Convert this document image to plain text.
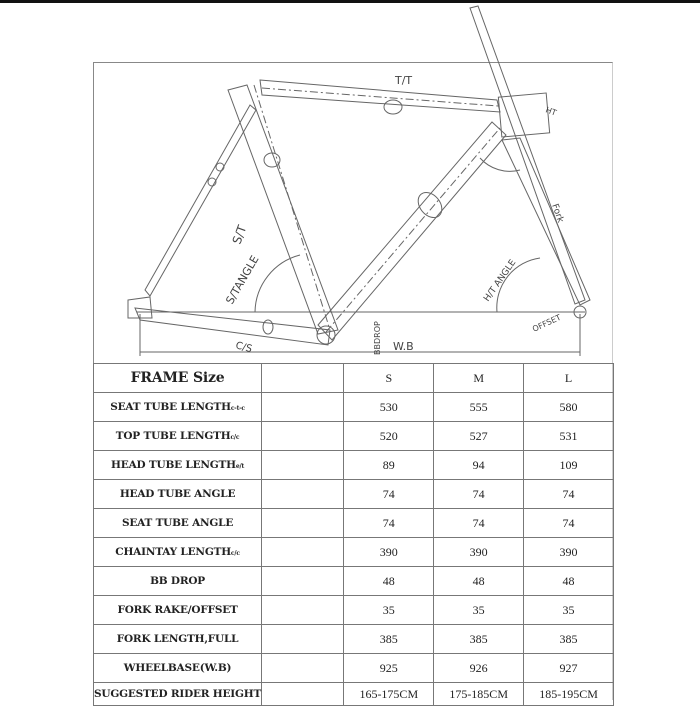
T/T
HT
S/T
S/TANGLE	H/T ANGLE
Fork
C/S	BBDROP W.B
OFFSET
FRAME Size		S	M	L
SEAT TUBE LENGTHc-t-c		530	555	580
TOP TUBE LENGTHc/c		520	527	531
HEAD TUBE LENGTHe/t		89	94	109
HEAD TUBE ANGLE		74	74	74
SEAT TUBE ANGLE		74	74	74
CHAINTAY LENGTHc/c		390	390	390
BB DROP		48	48	48
FORK RAKE/OFFSET		35	35	35
FORK LENGTH,FULL		385	385	385
WHEELBASE(W.B)		925	926	927
SUGGESTED RIDER HEIGHT		165-175CM	175-185CM	185-195CM
